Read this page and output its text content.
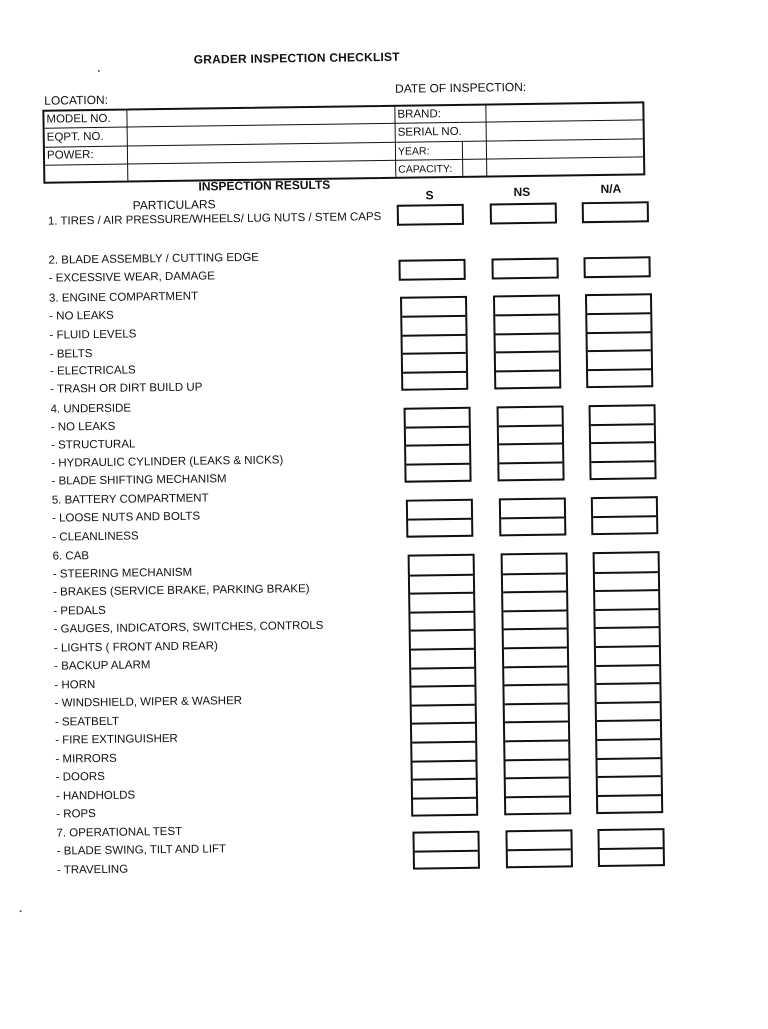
GRADER INSPECTION CHECKLIST
LOCATION:
DATE OF INSPECTION:
MODEL NO.
EQPT. NO.
POWER:
BRAND:
SERIAL NO.
YEAR:
CAPACITY:
INSPECTION RESULTS
PARTICULARS
S	NS	N/A
1. TIRES / AIR PRESSURE/WHEELS/ LUG NUTS / STEM CAPS
2. BLADE ASSEMBLY / CUTTING EDGE
- EXCESSIVE WEAR, DAMAGE
3. ENGINE COMPARTMENT
- NO LEAKS
- FLUID LEVELS
- BELTS
- ELECTRICALS
- TRASH OR DIRT BUILD UP
4. UNDERSIDE
- NO LEAKS
- STRUCTURAL
- HYDRAULIC CYLINDER (LEAKS & NICKS)
- BLADE SHIFTING MECHANISM
5. BATTERY COMPARTMENT
- LOOSE NUTS AND BOLTS
- CLEANLINESS
6. CAB
- STEERING MECHANISM
- BRAKES (SERVICE BRAKE, PARKING BRAKE)
- PEDALS
- GAUGES, INDICATORS, SWITCHES, CONTROLS
- LIGHTS ( FRONT AND REAR)
- BACKUP ALARM
- HORN
- WINDSHIELD, WIPER & WASHER
- SEATBELT
- FIRE EXTINGUISHER
- MIRRORS
- DOORS
- HANDHOLDS
- ROPS
7. OPERATIONAL TEST
- BLADE SWING, TILT AND LIFT
- TRAVELING
